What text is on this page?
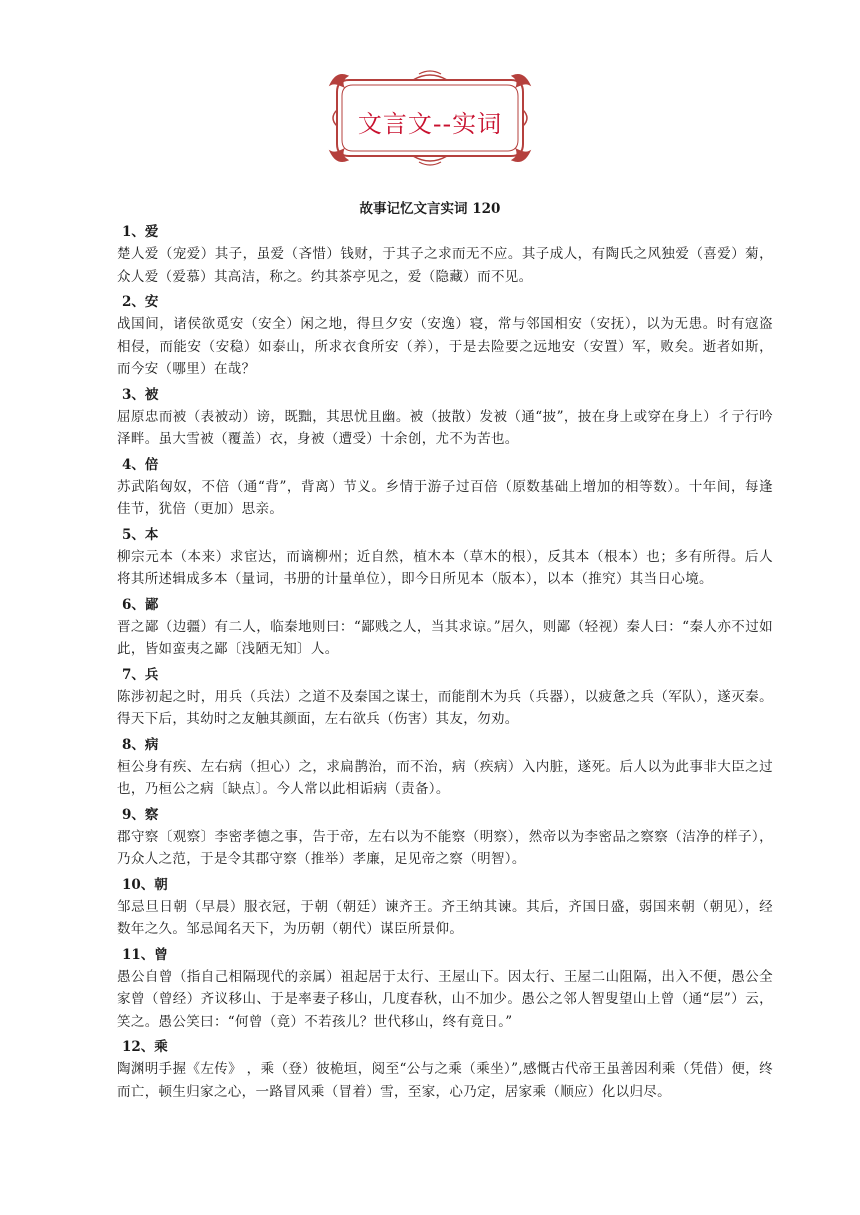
文言文--实词
故事记忆文言实词 120
1、爱

楚人爱（宠爱）其子，虽爱（吝惜）钱财，于其子之求而无不应。其子成人，有陶氏之风独爱（喜爱）菊，众人爱（爱慕）其高洁，称之。约其茶亭见之，爱（隐藏）而不见。

2、安

战国间，诸侯欲觅安（安全）闲之地，得旦夕安（安逸）寝，常与邻国相安（安抚），以为无患。时有寇盗相侵，而能安（安稳）如泰山，所求衣食所安（养），于是去险要之远地安（安置）军，败矣。逝者如斯，而今安（哪里）在哉？

3、被

屈原忠而被（表被动）谤，既黜，其思忧且幽。被（披散）发被（通“披”，披在身上或穿在身上）彳亍行吟泽畔。虽大雪被（覆盖）衣，身被（遭受）十余创，尤不为苦也。

4、倍

苏武陷匈奴，不倍（通“背”，背离）节义。乡情于游子过百倍（原数基础上增加的相等数）。十年间，每逢佳节，犹倍（更加）思亲。

5、本

柳宗元本（本来）求宦达，而谪柳州；近自然，植木本（草木的根），反其本（根本）也；多有所得。后人将其所述辑成多本（量词，书册的计量单位），即今日所见本（版本），以本（推究）其当日心境。

6、鄙

晋之鄙（边疆）有二人，临秦地则曰：“鄙贱之人，当其求谅。”居久，则鄙（轻视）秦人曰：“秦人亦不过如此，皆如蛮夷之鄙〔浅陋无知〕人。

7、兵

陈涉初起之时，用兵（兵法）之道不及秦国之谋士，而能削木为兵（兵器），以疲惫之兵（军队），遂灭秦。得天下后，其幼时之友触其颜面，左右欲兵（伤害）其友，勿劝。

8、病

桓公身有疾、左右病（担心）之，求扁鹊治，而不治，病（疾病）入内脏，遂死。后人以为此事非大臣之过也，乃桓公之病〔缺点〕。今人常以此相诟病（责备）。

9、察

郡守察〔观察〕李密孝德之事，告于帝，左右以为不能察（明察），然帝以为李密品之察察（洁净的样子），乃众人之范，于是令其郡守察（推举）孝廉，足见帝之察（明智）。

10、朝

邹忌旦日朝（早晨）服衣冠，于朝（朝廷）谏齐王。齐王纳其谏。其后，齐国日盛，弱国来朝（朝见），经数年之久。邹忌闻名天下，为历朝（朝代）谋臣所景仰。

11、曾

愚公自曾（指自己相隔现代的亲属）祖起居于太行、王屋山下。因太行、王屋二山阻隔，出入不便，愚公全家曾（曾经）齐议移山、于是率妻子移山，几度春秋，山不加少。愚公之邻人智叟望山上曾（通“层”）云，笑之。愚公笑曰：“何曾（竟）不若孩儿？世代移山，终有竟日。”

12、乘

陶渊明手握《左传》 ，乘（登）彼桅垣，阅至“公与之乘（乘坐）”,感慨古代帝王虽善因利乘（凭借）便，终而亡，顿生归家之心，一路冒风乘（冒着）雪，至家，心乃定，居家乘（顺应）化以归尽。
